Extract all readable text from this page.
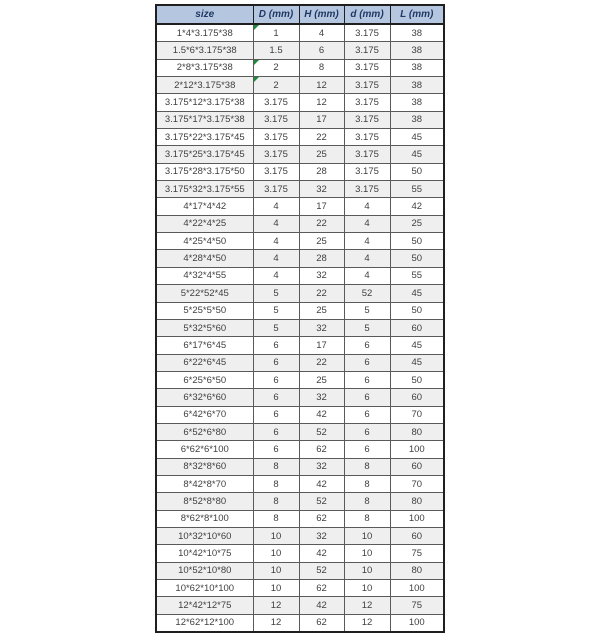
size	D (mm)	H (mm)	d (mm)	L (mm)
1*4*3.175*38	1	4	3.175	38
1.5*6*3.175*38	1.5	6	3.175	38
2*8*3.175*38	2	8	3.175	38
2*12*3.175*38	2	12	3.175	38
3.175*12*3.175*38	3.175	12	3.175	38
3.175*17*3.175*38	3.175	17	3.175	38
3.175*22*3.175*45	3.175	22	3.175	45
3.175*25*3.175*45	3.175	25	3.175	45
3.175*28*3.175*50	3.175	28	3.175	50
3.175*32*3.175*55	3.175	32	3.175	55
4*17*4*42	4	17	4	42
4*22*4*25	4	22	4	25
4*25*4*50	4	25	4	50
4*28*4*50	4	28	4	50
4*32*4*55	4	32	4	55
5*22*52*45	5	22	52	45
5*25*5*50	5	25	5	50
5*32*5*60	5	32	5	60
6*17*6*45	6	17	6	45
6*22*6*45	6	22	6	45
6*25*6*50	6	25	6	50
6*32*6*60	6	32	6	60
6*42*6*70	6	42	6	70
6*52*6*80	6	52	6	80
6*62*6*100	6	62	6	100
8*32*8*60	8	32	8	60
8*42*8*70	8	42	8	70
8*52*8*80	8	52	8	80
8*62*8*100	8	62	8	100
10*32*10*60	10	32	10	60
10*42*10*75	10	42	10	75
10*52*10*80	10	52	10	80
10*62*10*100	10	62	10	100
12*42*12*75	12	42	12	75
12*62*12*100	12	62	12	100
